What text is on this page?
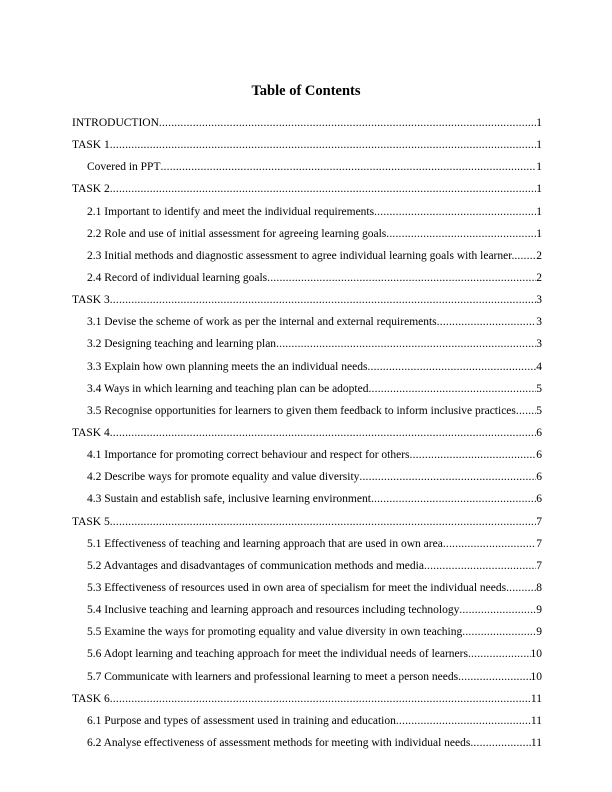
Table of Contents
INTRODUCTION .....	1
TASK 1 .....	1
Covered in PPT .....	1
TASK 2 .....	1
2.1 Important to identify and meet the individual requirements .....	1
2.2 Role and use of initial assessment for agreeing learning goals .....	1
2.3 Initial methods and diagnostic assessment to agree individual learning goals with learner. ..... 2
2.4 Record of individual learning goals .....	2
TASK 3 .....	3
3.1 Devise the scheme of work as per the internal and external requirements .....	3
3.2 Designing teaching and learning plan .....	3
3.3 Explain how own planning meets the an individual needs .....	4
3.4 Ways in which learning and teaching plan can be adopted .....	5
3.5 Recognise opportunities for learners to given them feedback to inform inclusive practices ..... 5
TASK 4 .....	6
4.1 Importance for promoting correct behaviour and respect for others .....	6
4.2 Describe ways for promote equality and value diversity .....	6
4.3 Sustain and establish safe, inclusive learning environment .....	6
TASK 5 .....	7
5.1 Effectiveness of teaching and learning approach that are used in own area .....	7
5.2 Advantages and disadvantages of communication methods and media .....	7
5.3 Effectiveness of resources used in own area of specialism for meet the individual needs .....	8
5.4 Inclusive teaching and learning approach and resources including technology .....	9
5.5 Examine the ways for promoting equality and value diversity in own teaching .....	9
5.6 Adopt learning and teaching approach for meet the individual needs of learners .....	10
5.7 Communicate with learners and professional learning to meet a person needs .....	10
TASK 6 .....	11
6.1 Purpose and types of assessment used in training and education .....	11
6.2 Analyse effectiveness of assessment methods for meeting with individual needs .....	11
